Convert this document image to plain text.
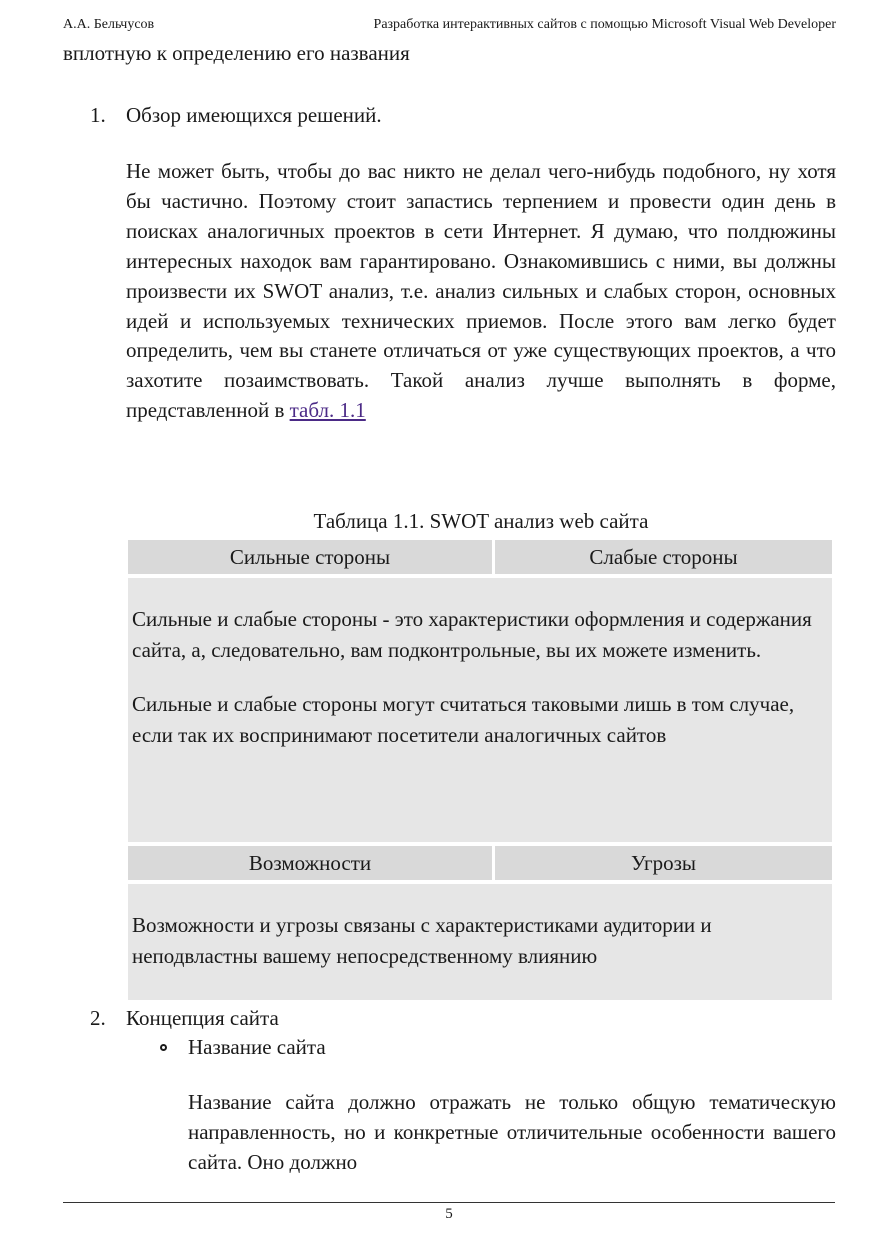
А.А. Бельчусов	Разработка интерактивных сайтов с помощью Microsoft Visual Web Developer
вплотную к определению его названия
1. Обзор имеющихся решений.

Не может быть, чтобы до вас никто не делал чего-нибудь подобного, ну хотя бы частично. Поэтому стоит запастись терпением и провести один день в поисках аналогичных проектов в сети Интернет. Я думаю, что полдюжины интересных находок вам гарантировано. Ознакомившись с ними, вы должны произвести их SWOT анализ, т.е. анализ сильных и слабых сторон, основных идей и используемых технических приемов. После этого вам легко будет определить, чем вы станете отличаться от уже существующих проектов, а что захотите позаимствовать. Такой анализ лучше выполнять в форме, представленной в табл. 1.1

Таблица 1.1. SWOT анализ web сайта
Сильные стороны	Слабые стороны

Сильные и слабые стороны - это характеристики оформления и содержания сайта, а, следовательно, вам подконтрольные, вы их можете изменить.

Сильные и слабые стороны могут считаться таковыми лишь в том случае, если так их воспринимают посетители аналогичных сайтов

Возможности	Угрозы

Возможности и угрозы связаны с характеристиками аудитории и неподвластны вашему непосредственному влиянию

2. Концепция сайта
Название сайта

Название сайта должно отражать не только общую тематическую направленность, но и конкретные отличительные особенности вашего сайта. Оно должно

5
